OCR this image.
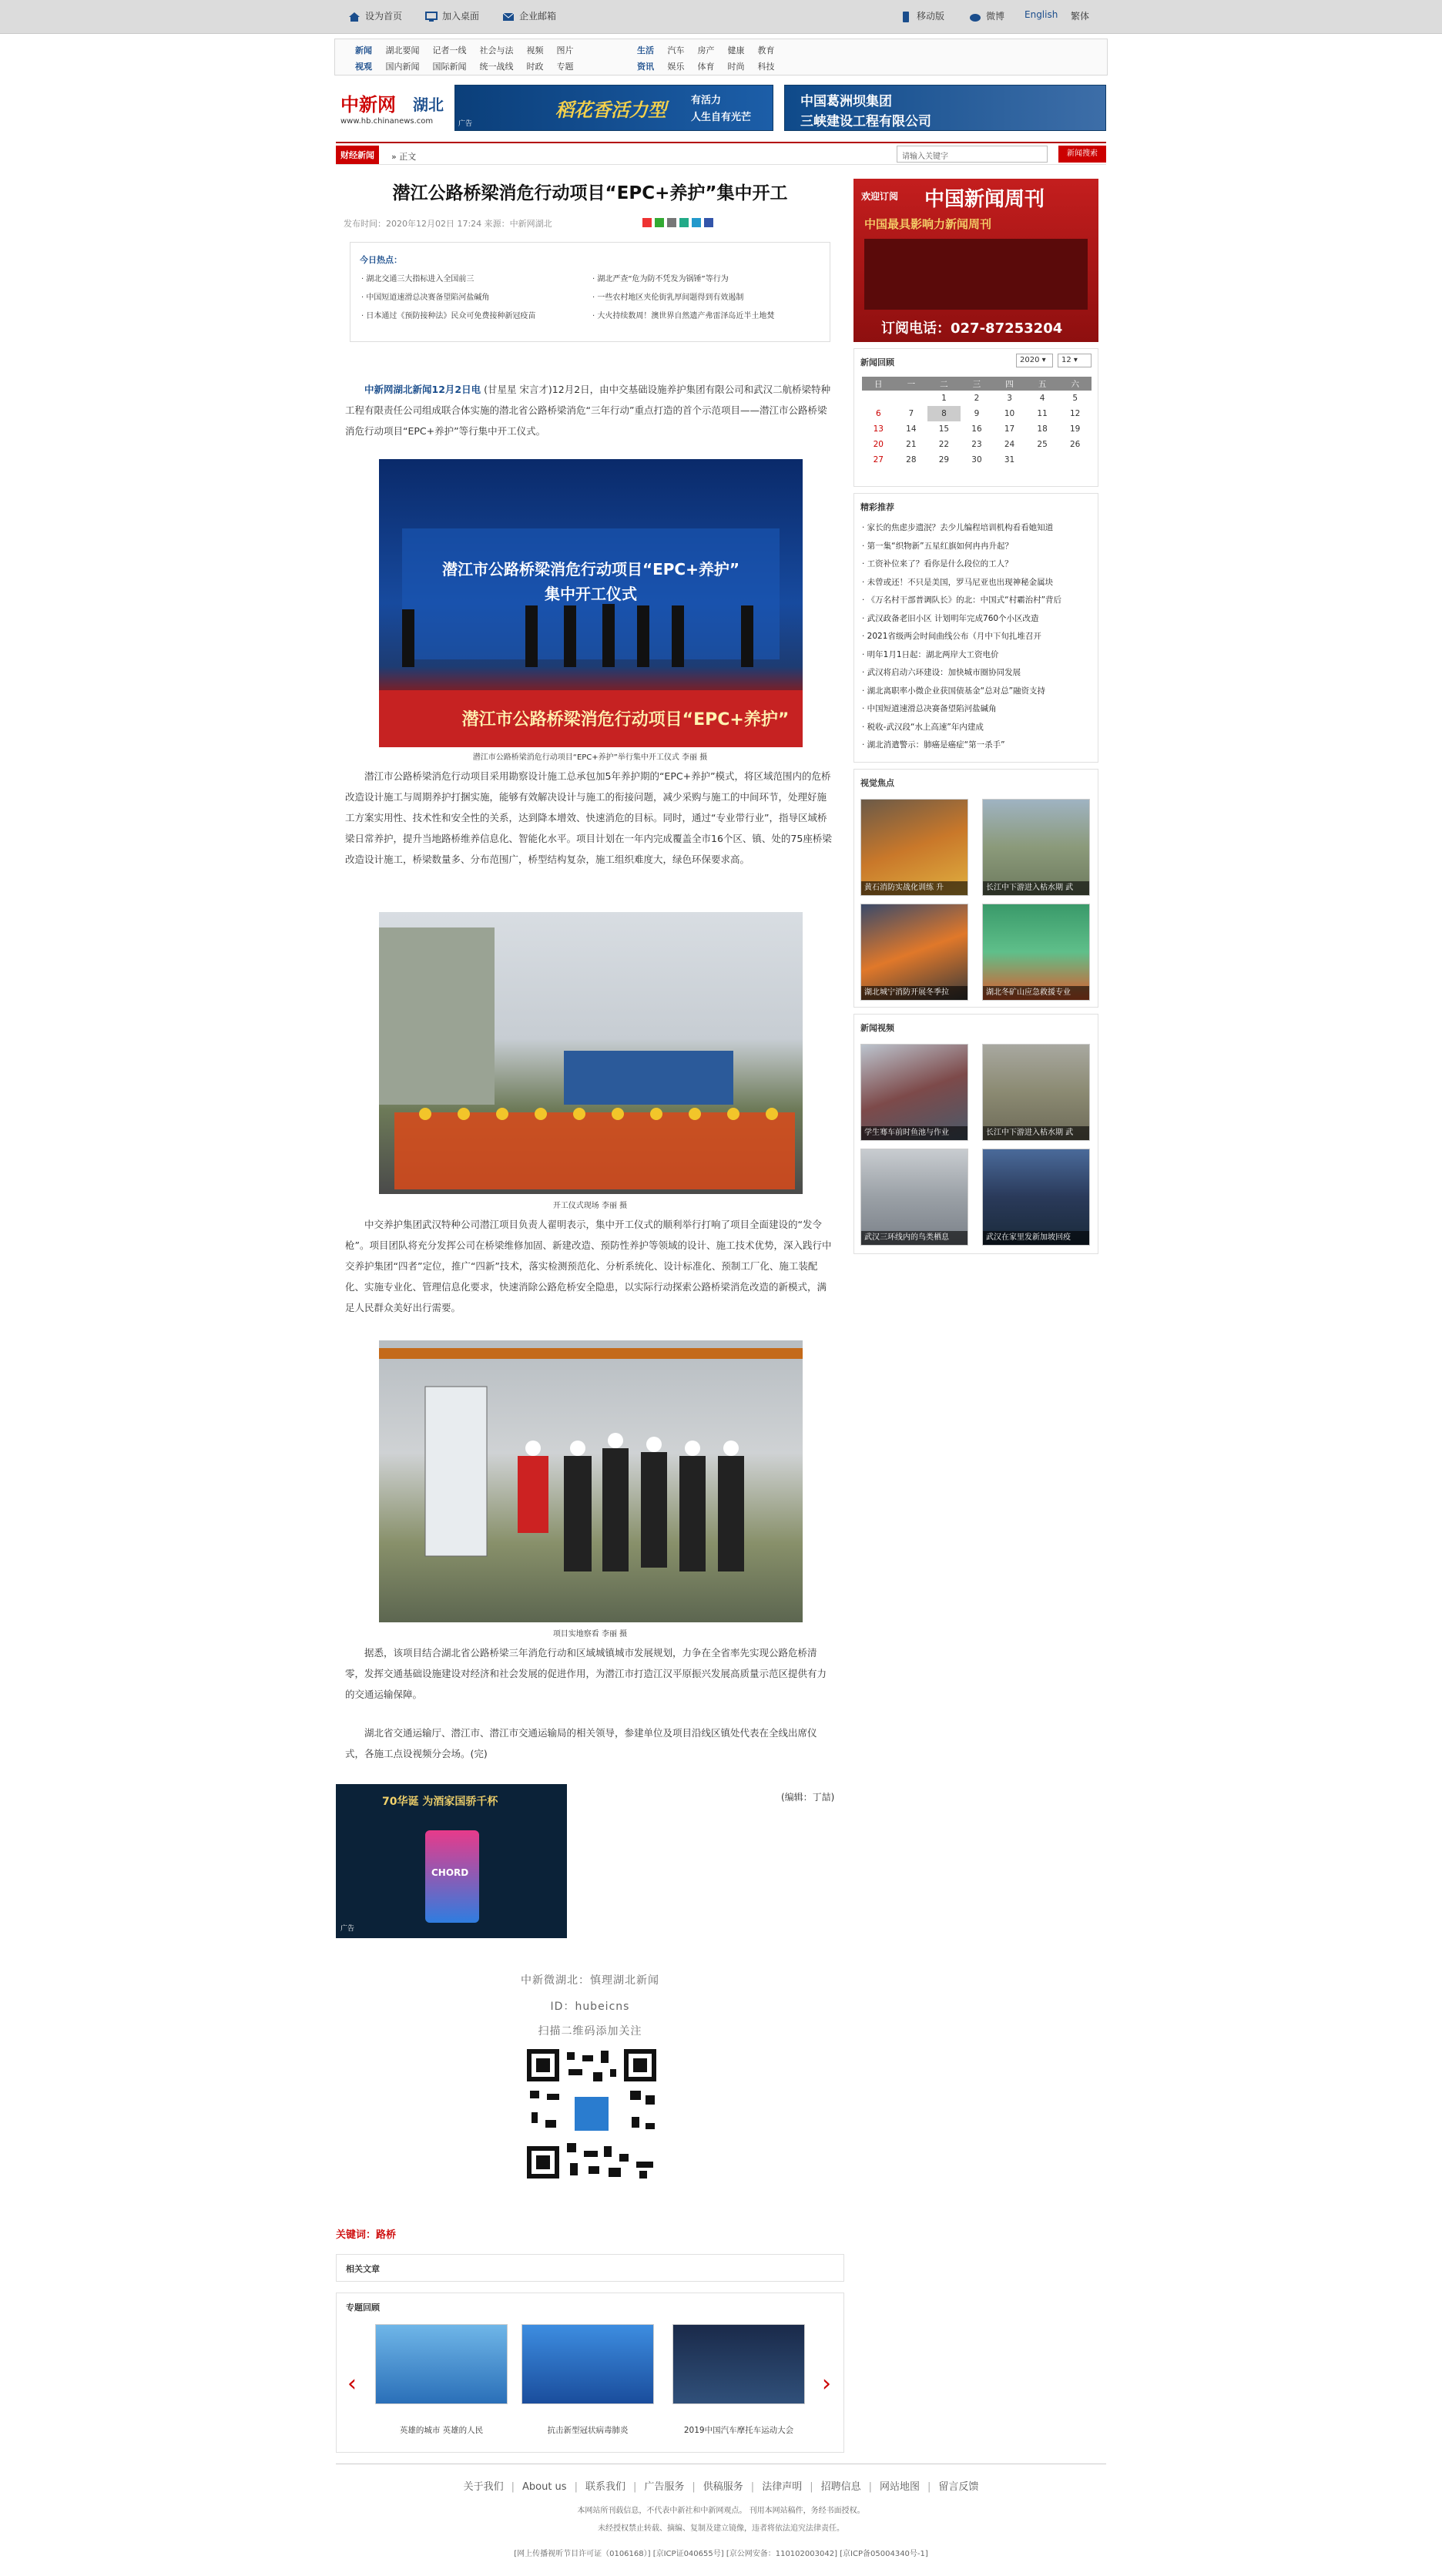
设为首页	加入桌面	企业邮箱	移动版	微博 English 繁体
新闻 湖北要闻 记者一线 社会与法 视频 图片	生活 汽车 房产 健康 教育
视观 国内新闻 国际新闻 统一战线 时政 专题	资讯 娱乐 体育 时尚 科技
中新网 湖北
www.hb.chinanews.com	广告
稻花香活力型 有活力
人生自有光芒
中国葛洲坝集团
三峡建设工程有限公司
财经新闻	» 正文	请输入关键字	新闻搜索
潜江公路桥梁消危行动项目“EPC+养护”集中开工
发布时间：2020年12月02日 17:24 来源：中新网湖北
今日热点：
· 湖北交通三大指标进入全国前三	· 湖北严查“危为防不凭发为锅锤”等行为
· 中国短道速滑总决赛备望陷河盐碱角	· 一些农村地区夹伦街乳厚间题得到有效遏制
· 日本通过《预防接种法》民众可免费接种新冠疫苗	· 大火持续数周！澳世界自然遗产弗雷泽岛近半土地焚
中新网湖北新闻12月2日电 (甘星星 宋言才)12月2日，由中交基础设施养护集团有限公司和武汉二航桥梁特种工程有限责任公司组成联合体实施的潜北省公路桥梁消危“三年行动”重点打造的首个示范项目——潜江市公路桥梁消危行动项目“EPC+养护”等行集中开工仪式。
潜江市公路桥梁消危行动项目“EPC+养护”
集中开工仪式
潜江市公路桥梁消危行动项目“EPC+养护”
潜江市公路桥梁消危行动项目“EPC+养护”举行集中开工仪式 李丽 摄
潜江市公路桥梁消危行动项目采用勘察设计施工总承包加5年养护期的“EPC+养护”模式，将区域范围内的危桥改造设计施工与周期养护打捆实施，能够有效解决设计与施工的衔接问题，减少采购与施工的中间环节，处理好施工方案实用性、技术性和安全性的关系，达到降本增效、快速消危的目标。同时，通过“专业带行业”，指导区域桥梁日常养护，提升当地路桥维养信息化、智能化水平。项目计划在一年内完成覆盖全市16个区、镇、处的75座桥梁改造设计施工，桥梁数量多、分布范围广，桥型结构复杂，施工组织难度大，绿色环保要求高。
开工仪式现场 李丽 摄
中交养护集团武汉特种公司潜江项目负责人翟明表示，集中开工仪式的顺利举行打响了项目全面建设的“发令枪”。项目团队将充分发挥公司在桥梁维修加固、新建改造、预防性养护等领域的设计、施工技术优势，深入践行中交养护集团“四者”定位，推广“四新”技术，落实检测预范化、分析系统化、设计标准化、预制工厂化、施工装配化、实施专业化、管理信息化要求，快速消除公路危桥安全隐患，以实际行动探索公路桥梁消危改造的新模式，满足人民群众美好出行需要。
项目实地察看 李丽 摄
据悉，该项目结合湖北省公路桥梁三年消危行动和区域城镇城市发展规划，力争在全省率先实现公路危桥清零，发挥交通基础设施建设对经济和社会发展的促进作用，为潜江市打造江汉平原振兴发展高质量示范区提供有力的交通运输保障。
湖北省交通运输厅、潜江市、潜江市交通运输局的相关领导，参建单位及项目沿线区镇处代表在全线出席仪式，各施工点设视频分会场。(完)
70华诞 为酒家国骄千杯
CHORD
广告
(编辑：丁喆)
中新微湖北：慎理湖北新闻
ID：hubeicns
扫描二维码添加关注
关键词：路桥
相关文章
专题回顾
‹	›
英雄的城市 英雄的人民	抗击新型冠状病毒肺炎	2019中国汽车摩托车运动大会
欢迎订阅 中国新闻周刊
中国最具影响力新闻周刊
订阅电话：027-87253204
新闻回顾	2020 ▾	12 ▾
日	一	二	三	四	五	六
		1	2	3	4	5
6	7	8	9	10	11	12
13	14	15	16	17	18	19
20	21	22	23	24	25	26
27	28	29	30	31		
精彩推荐
· 家长的焦虑步遗泯？去少儿编程培训机构看看她知道
· 第一集“织物新”五星红旗如何冉冉升起？
· 工资补位来了？看你是什么段位的工人？
· 未曾或还！不只是美国，罗马尼亚也出现神秘金属块
· 《万名村干部普调队长》的北：中国式“村霸治村”背后
· 武汉政备老旧小区 计划明年完成760个小区改造
· 2021省级两会时间曲线公布（月中下旬扎堆召开
· 明年1月1日起：湖北两岸大工资电价
· 武汉将启动六环建设：加快城市圈协同发展
· 湖北离职率小微企业获国债基金“总对总”融资支持
· 中国短道速滑总决赛备望陷河盐碱角
· 税收-武汉段“水上高速”年内建成
· 湖北消遣警示：肺癌是癌症“第一杀手”
视觉焦点
黄石消防实战化训练 升	长江中下游进入枯水期 武
湖北城宁消防开展冬季拉	湖北冬矿山应急救援专业
新闻视频
学生骞车前时鱼池与作业	长江中下游进入枯水期 武
武汉三环线内的鸟类栖息	武汉在家里发新加坡回疫
关于我们 | About us | 联系我们 | 广告服务 | 供稿服务 | 法律声明 | 招聘信息 | 网站地图 | 留言反馈
本网站所刊载信息，不代表中新社和中新网观点。 刊用本网站稿件，务经书面授权。
未经授权禁止转载、摘编、复制及建立镜像，违者将依法追究法律责任。
[网上传播视听节目许可证（0106168）] [京ICP证040655号] [京公网安备：110102003042] [京ICP备05004340号-1]
